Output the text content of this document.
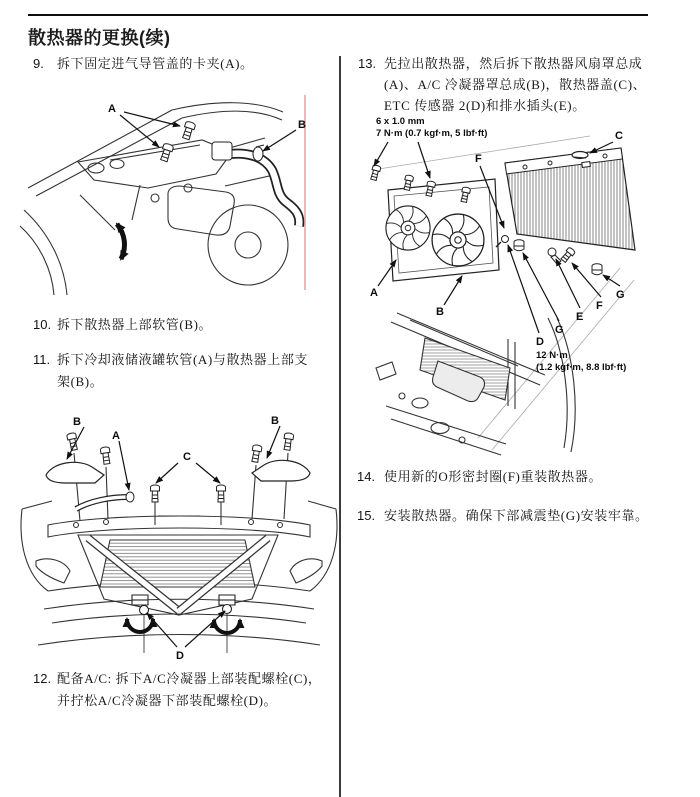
散热器的更换(续)
9. 拆下固定进气导管盖的卡夹(A)。
10. 拆下散热器上部软管(B)。
11. 拆下冷却液储液罐软管(A)与散热器上部支
架(B)。
12. 配备A/C: 拆下A/C冷凝器上部装配螺栓(C)，
并拧松A/C冷凝器下部装配螺栓(D)。
13. 先拉出散热器，然后拆下散热器风扇罩总成
(A)、A/C 冷凝器罩总成(B)，散热器盖(C)、
ETC 传感器 2(D)和排水插头(E)。
14. 使用新的O形密封圈(F)重装散热器。
15. 安装散热器。确保下部减震垫(G)安装牢靠。
A
B
B
A
C
B
D
6 x 1.0 mm
7 N·m (0.7 kgf·m, 5 lbf·ft)	C
F
A
B
G
F
E
G
D
12 N·m
(1.2 kgf·m, 8.8 lbf·ft)
